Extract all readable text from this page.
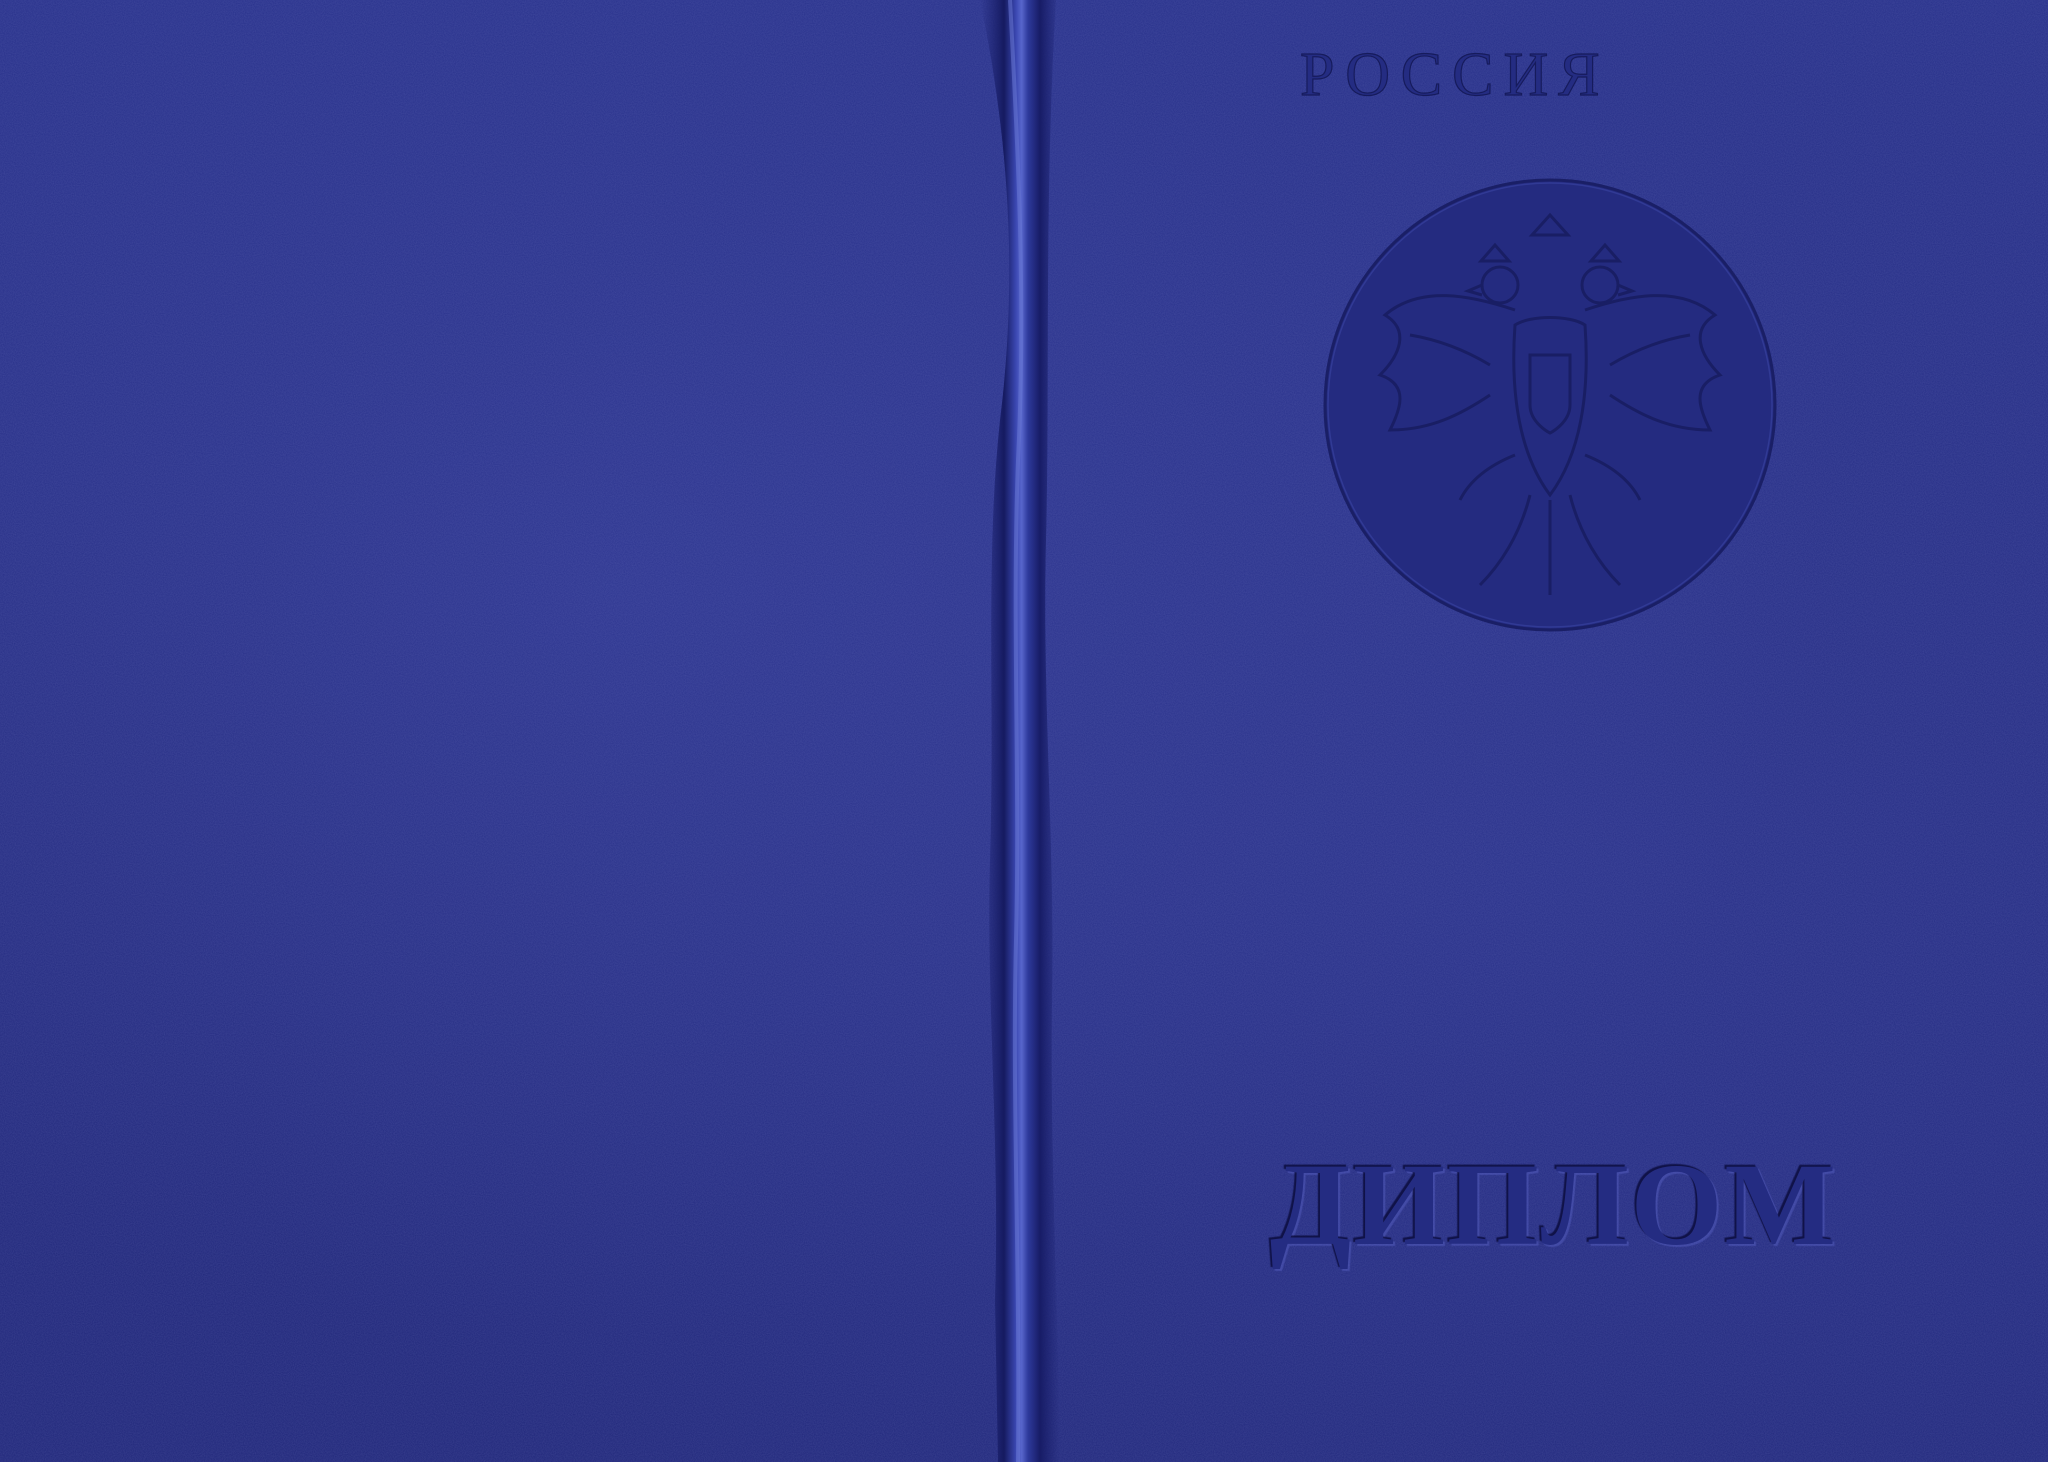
РОССИЯ
ДИПЛОМ
